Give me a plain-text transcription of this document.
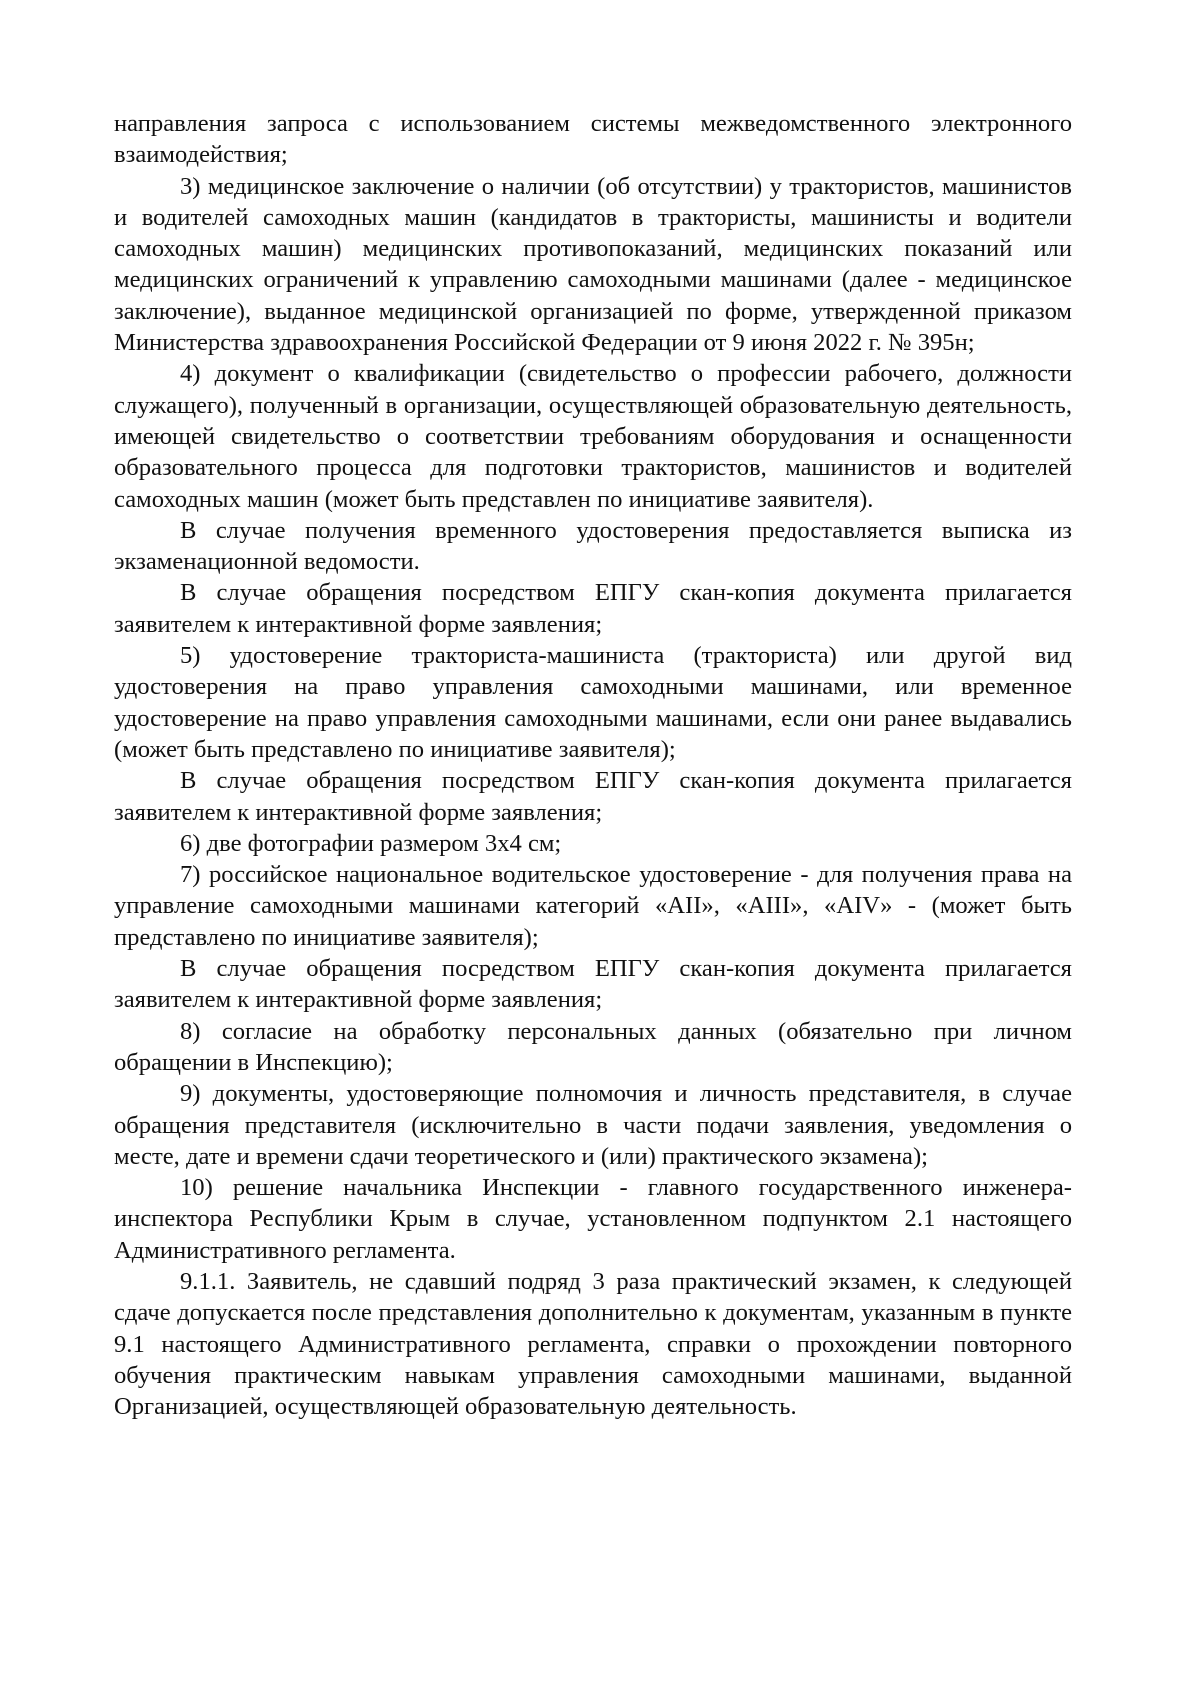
направления запроса с использованием системы межведомственного электронного взаимодействия;

3) медицинское заключение о наличии (об отсутствии) у трактористов, машинистов и водителей самоходных машин (кандидатов в трактористы, машинисты и водители самоходных машин) медицинских противопоказаний, медицинских показаний или медицинских ограничений к управлению самоходными машинами (далее - медицинское заключение), выданное медицинской организацией по форме, утвержденной приказом Министерства здравоохранения Российской Федерации от 9 июня 2022 г. № 395н;

4) документ о квалификации (свидетельство о профессии рабочего, должности служащего), полученный в организации, осуществляющей образовательную деятельность, имеющей свидетельство о соответствии требованиям оборудования и оснащенности образовательного процесса для подготовки трактористов, машинистов и водителей самоходных машин (может быть представлен по инициативе заявителя).

В случае получения временного удостоверения предоставляется выписка из экзаменационной ведомости.

В случае обращения посредством ЕПГУ скан-копия документа прилагается заявителем к интерактивной форме заявления;

5) удостоверение тракториста-машиниста (тракториста) или другой вид удостоверения на право управления самоходными машинами, или временное удостоверение на право управления самоходными машинами, если они ранее выдавались (может быть представлено по инициативе заявителя);

В случае обращения посредством ЕПГУ скан-копия документа прилагается заявителем к интерактивной форме заявления;

6) две фотографии размером 3х4 см;

7) российское национальное водительское удостоверение - для получения права на управление самоходными машинами категорий «AII», «AIII», «AIV» - (может быть представлено по инициативе заявителя);

В случае обращения посредством ЕПГУ скан-копия документа прилагается заявителем к интерактивной форме заявления;

8) согласие на обработку персональных данных (обязательно при личном обращении в Инспекцию);

9) документы, удостоверяющие полномочия и личность представителя, в случае обращения представителя (исключительно в части подачи заявления, уведомления о месте, дате и времени сдачи теоретического и (или) практического экзамена);

10) решение начальника Инспекции - главного государственного инженера-инспектора Республики Крым в случае, установленном подпунктом 2.1 настоящего Административного регламента.

9.1.1. Заявитель, не сдавший подряд 3 раза практический экзамен, к следующей сдаче допускается после представления дополнительно к документам, указанным в пункте 9.1 настоящего Административного регламента, справки о прохождении повторного обучения практическим навыкам управления самоходными машинами, выданной Организацией, осуществляющей образовательную деятельность.
